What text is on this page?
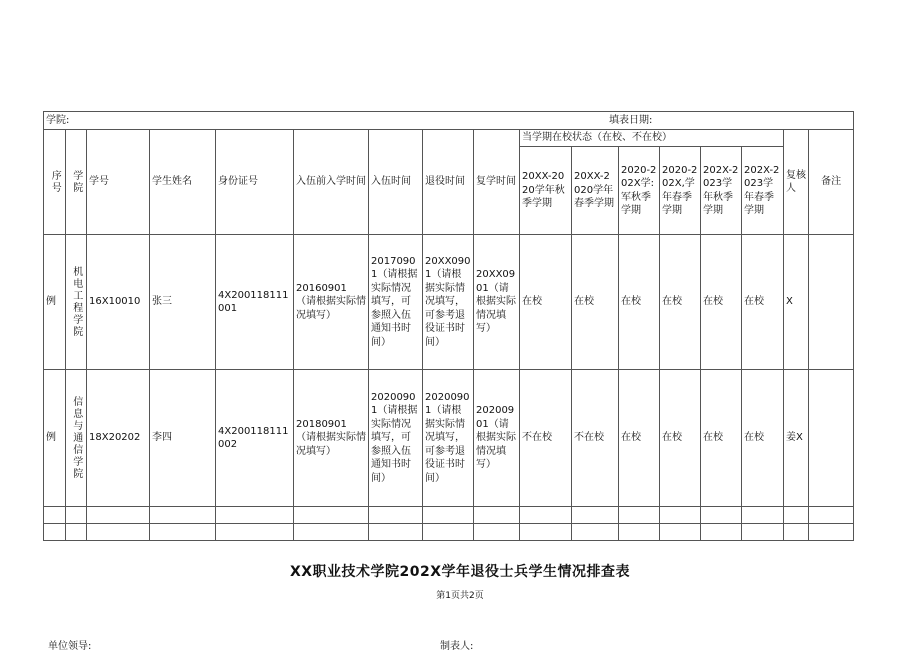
学院: 填表日期:																

序号	学院	学号	学生姓名	身份证号	入伍前入学时间	入伍时间	退役时间	复学时间	当学期在校状态（在校、不在校）						复核人	备注
									20XX-2020学年秋季学期	20XX-2020学年春季学期	2020-202X学:军秋季学期	2020-202X,学年春季学期	202X-2023学年秋季学期	202X-2023学年春季学期		
例	机电工程学院	16X10010	张三	4X200118111001	20160901（请根据实际情况填写）	20170901（请根据实际情况填写，可参照入伍通知书时间）	20XX0901（请根据实际情况填写，可参考退役证书时间）	20XX0901（请根据实际情况填写）	在校	在校	在校	在校	在校	在校	X	
例	信息与通信学院	18X20202	李四	4X200118111002	20180901（请根据实际情况填写）	20200901（请根据实际情况填写，可参照入伍通知书时间）	20200901（请根据实际情况填写，可参考退役证书时间）	20200901（请根据实际情况填写）	不在校	不在校	在校	在校	在校	在校	姜X	

XX职业技术学院202X学年退役士兵学生情况排查表
第1页共2页
单位领导:	制表人:
